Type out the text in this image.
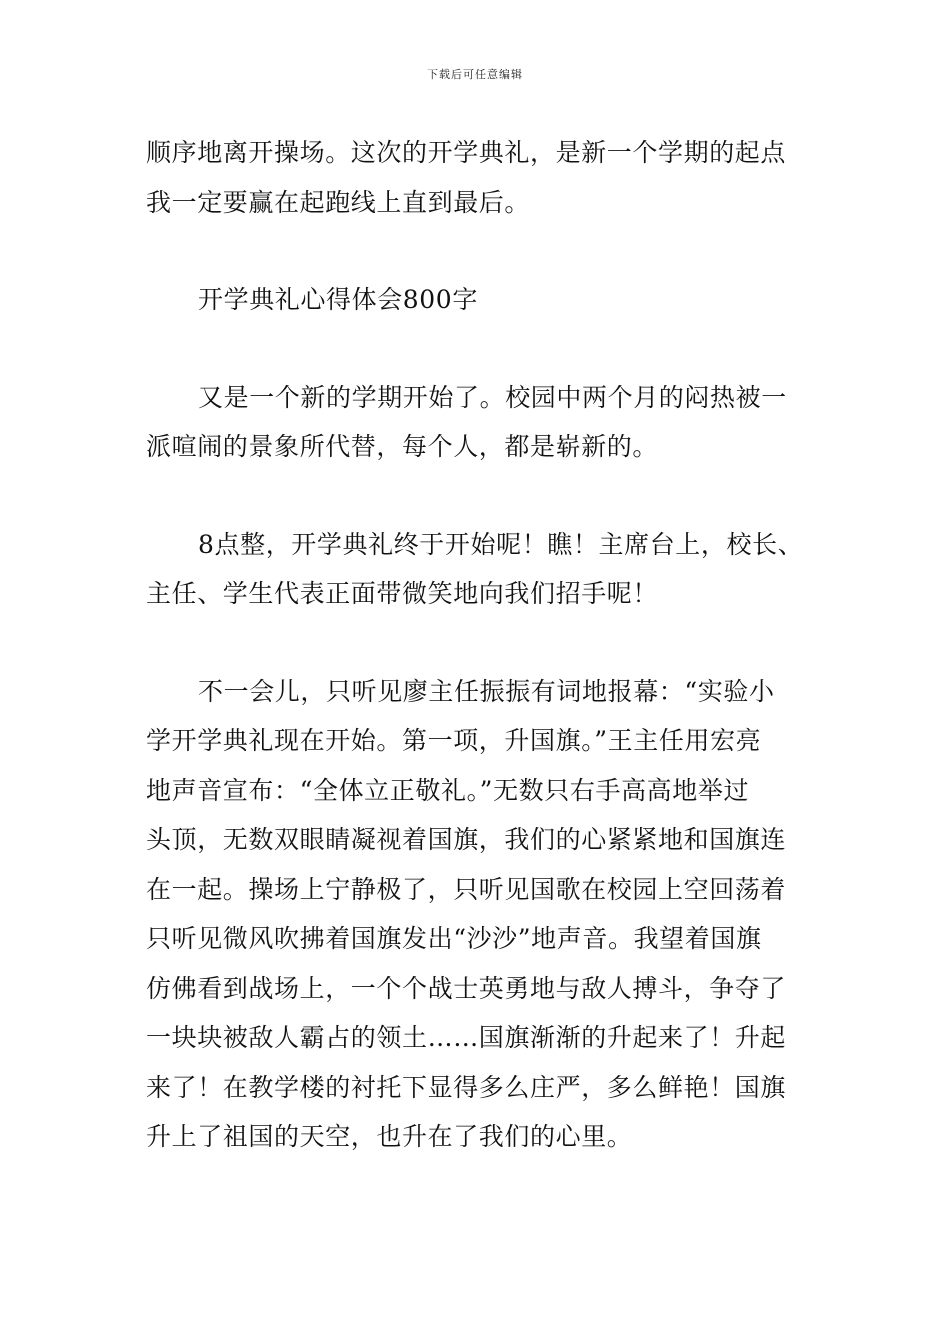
下载后可任意编辑

顺序地离开操场。这次的开学典礼，是新一个学期的起点
我一定要赢在起跑线上直到最后。

开学典礼心得体会800字

又是一个新的学期开始了。校园中两个月的闷热被一
派喧闹的景象所代替，每个人，都是崭新的。

8点整，开学典礼终于开始呢！瞧！主席台上，校长、
主任、学生代表正面带微笑地向我们招手呢！

不一会儿，只听见廖主任振振有词地报幕：“实验小
学开学典礼现在开始。第一项，升国旗。”王主任用宏亮
地声音宣布：“全体立正敬礼。”无数只右手高高地举过
头顶，无数双眼睛凝视着国旗，我们的心紧紧地和国旗连
在一起。操场上宁静极了，只听见国歌在校园上空回荡着
只听见微风吹拂着国旗发出“沙沙”地声音。我望着国旗
仿佛看到战场上，一个个战士英勇地与敌人搏斗，争夺了
一块块被敌人霸占的领土……国旗渐渐的升起来了！升起
来了！在教学楼的衬托下显得多么庄严，多么鲜艳！国旗
升上了祖国的天空，也升在了我们的心里。
